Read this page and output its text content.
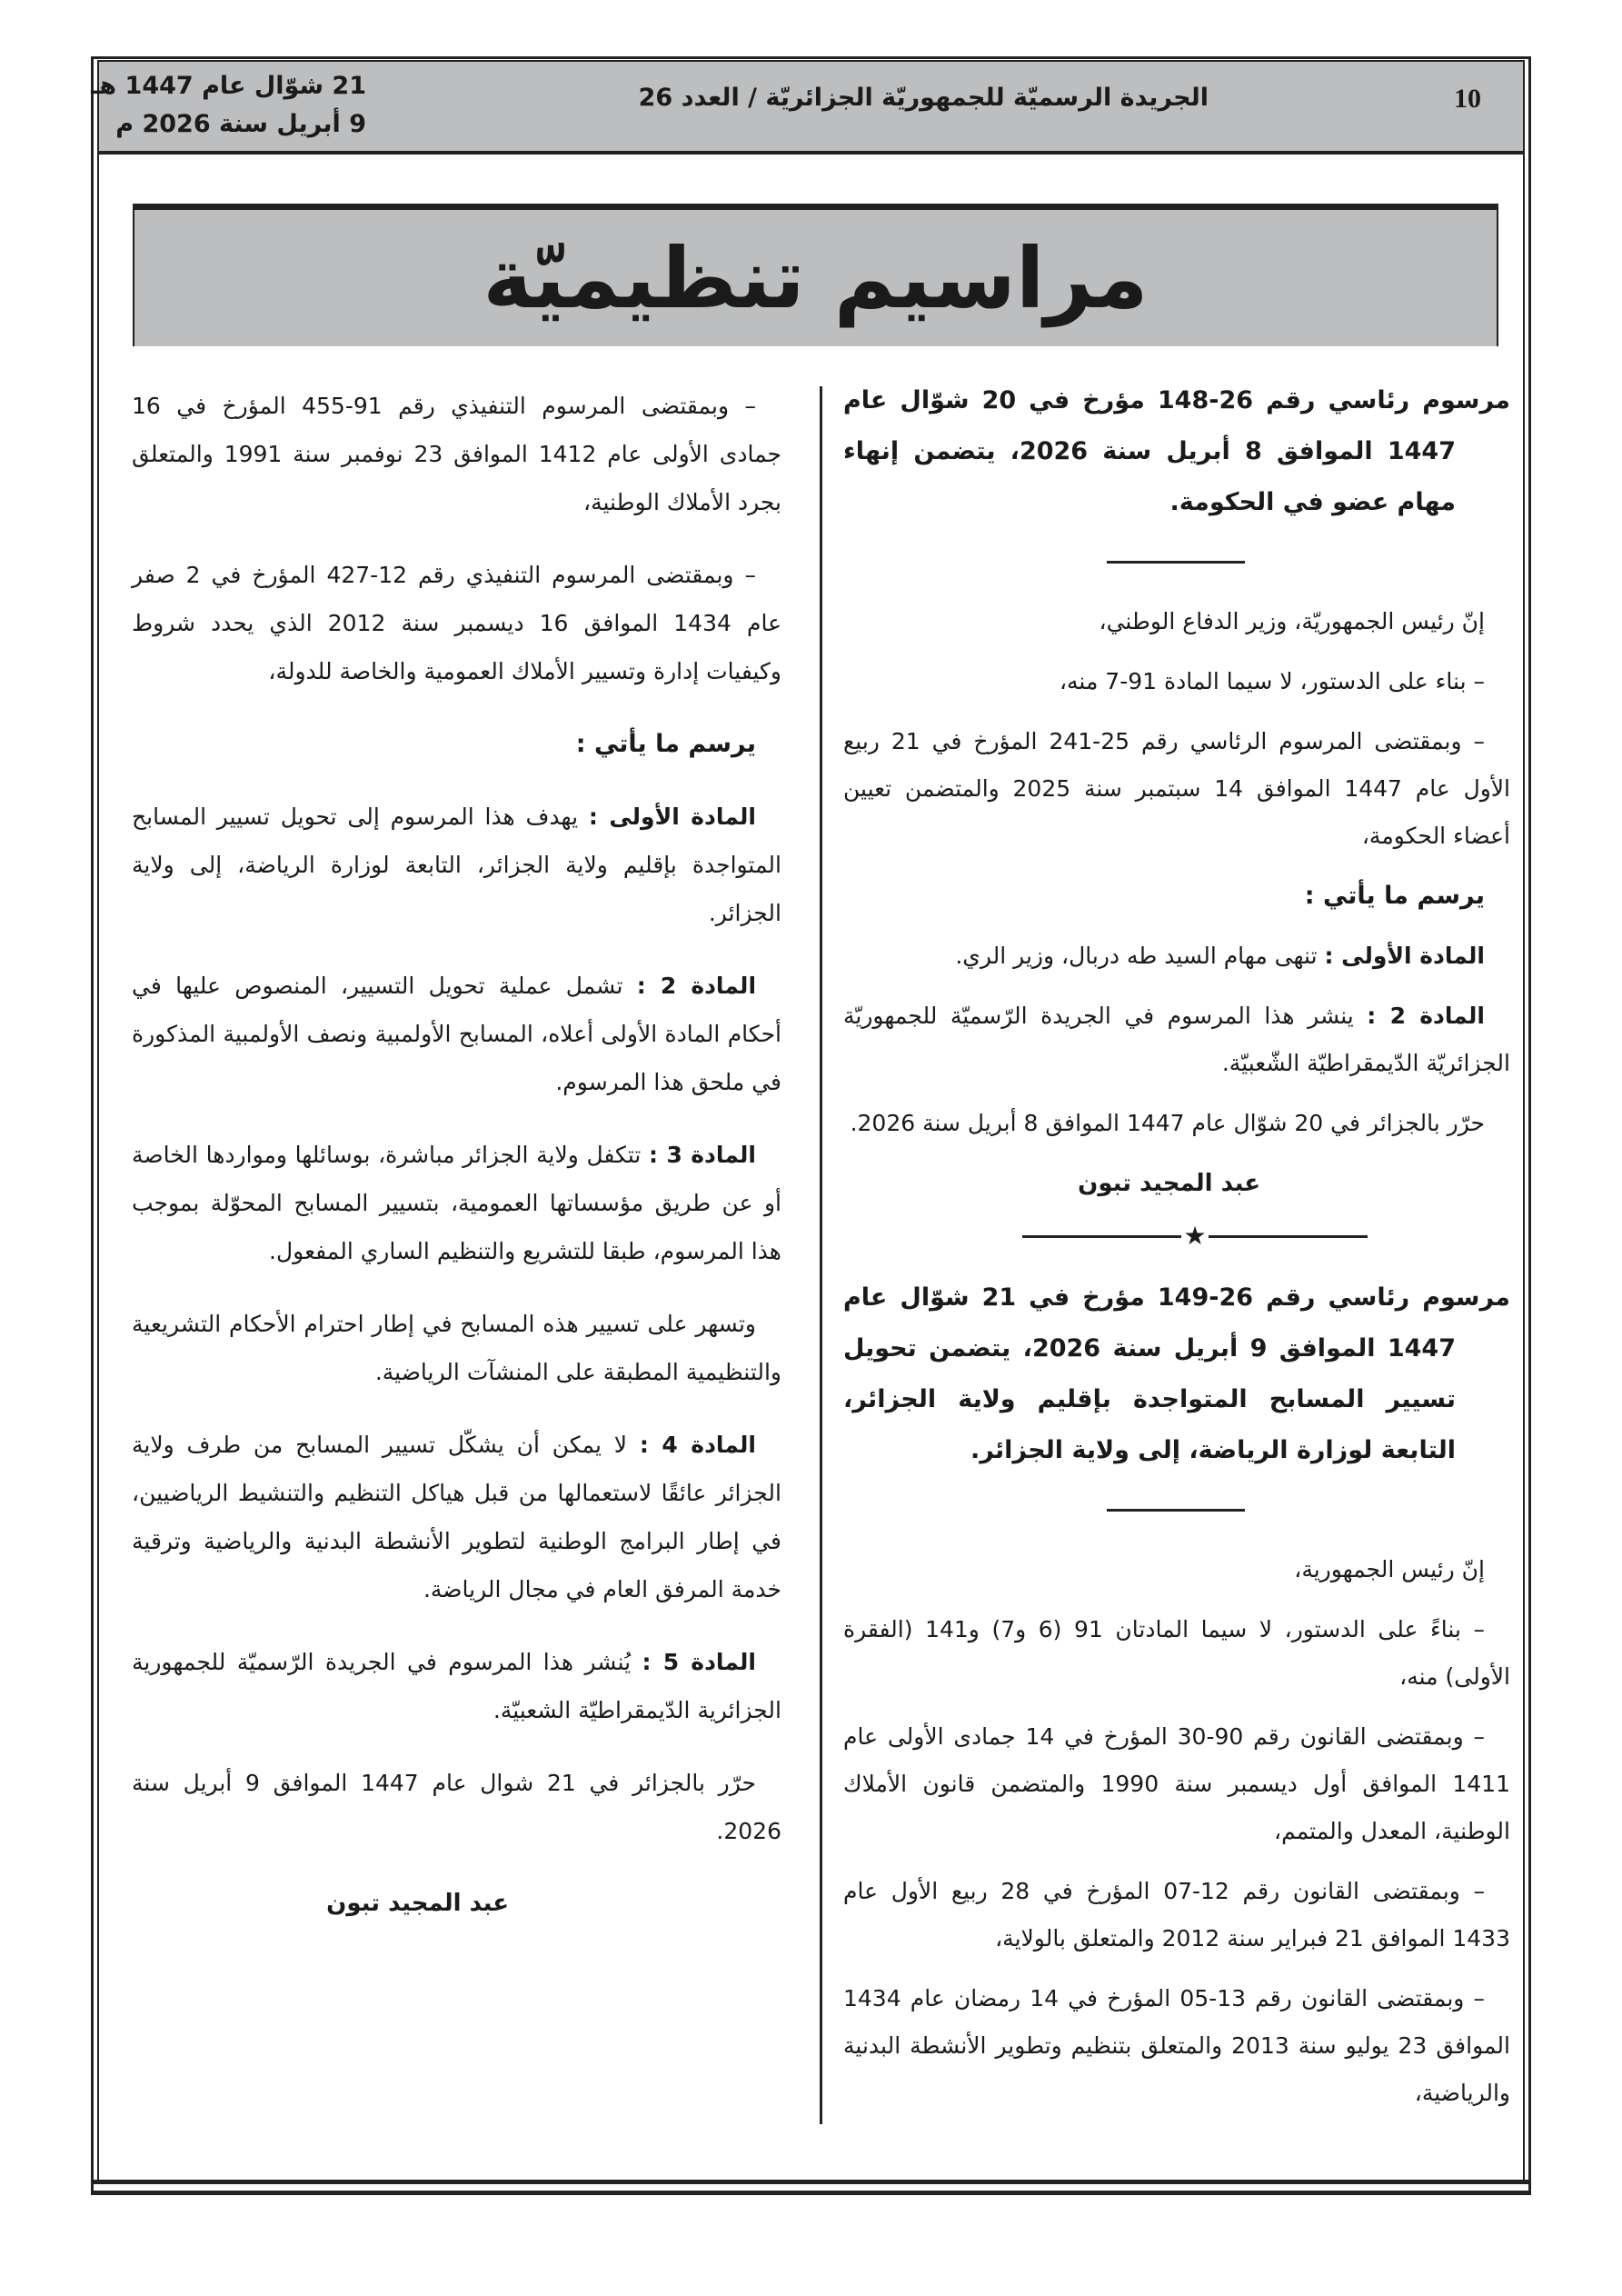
10
الجريدة الرسميّة للجمهوريّة الجزائريّة / العدد 26
21 شوّال عام 1447 هـ
9 أبريل سنة 2026 م
مراسيم تنظيميّة

مرسوم رئاسي رقم 26-148 مؤرخ في 20 شوّال عام 1447 الموافق 8 أبريل سنة 2026، يتضمن إنهاء مهام عضو في الحكومة.

إنّ رئيس الجمهوريّة، وزير الدفاع الوطني،

– بناء على الدستور، لا سيما المادة 91-7 منه،

– وبمقتضى المرسوم الرئاسي رقم 25-241 المؤرخ في 21 ربيع الأول عام 1447 الموافق 14 سبتمبر سنة 2025 والمتضمن تعيين أعضاء الحكومة،

يرسم ما يأتي :

المادة الأولى : تنهى مهام السيد طه دربال، وزير الري.

المادة 2 : ينشر هذا المرسوم في الجريدة الرّسميّة للجمهوريّة الجزائريّة الدّيمقراطيّة الشّعبيّة.

حرّر بالجزائر في 20 شوّال عام 1447 الموافق 8 أبريل سنة 2026.

عبد المجيد تبون
★

مرسوم رئاسي رقم 26-149 مؤرخ في 21 شوّال عام 1447 الموافق 9 أبريل سنة 2026، يتضمن تحويل تسيير المسابح المتواجدة بإقليم ولاية الجزائر، التابعة لوزارة الرياضة، إلى ولاية الجزائر.

إنّ رئيس الجمهورية،

– بناءً على الدستور، لا سيما المادتان 91 (6 و7) و141 (الفقرة الأولى) منه،

– وبمقتضى القانون رقم 90-30 المؤرخ في 14 جمادى الأولى عام 1411 الموافق أول ديسمبر سنة 1990 والمتضمن قانون الأملاك الوطنية، المعدل والمتمم،

– وبمقتضى القانون رقم 12-07 المؤرخ في 28 ربيع الأول عام 1433 الموافق 21 فبراير سنة 2012 والمتعلق بالولاية،

– وبمقتضى القانون رقم 13-05 المؤرخ في 14 رمضان عام 1434 الموافق 23 يوليو سنة 2013 والمتعلق بتنظيم وتطوير الأنشطة البدنية والرياضية،

– وبمقتضى المرسوم التنفيذي رقم 91-455 المؤرخ في 16 جمادى الأولى عام 1412 الموافق 23 نوفمبر سنة 1991 والمتعلق بجرد الأملاك الوطنية،

– وبمقتضى المرسوم التنفيذي رقم 12-427 المؤرخ في 2 صفر عام 1434 الموافق 16 ديسمبر سنة 2012 الذي يحدد شروط وكيفيات إدارة وتسيير الأملاك العمومية والخاصة للدولة،

يرسم ما يأتي :

المادة الأولى : يهدف هذا المرسوم إلى تحويل تسيير المسابح المتواجدة بإقليم ولاية الجزائر، التابعة لوزارة الرياضة، إلى ولاية الجزائر.

المادة 2 : تشمل عملية تحويل التسيير، المنصوص عليها في أحكام المادة الأولى أعلاه، المسابح الأولمبية ونصف الأولمبية المذكورة في ملحق هذا المرسوم.

المادة 3 : تتكفل ولاية الجزائر مباشرة، بوسائلها ومواردها الخاصة أو عن طريق مؤسساتها العمومية، بتسيير المسابح المحوّلة بموجب هذا المرسوم، طبقا للتشريع والتنظيم الساري المفعول.

وتسهر على تسيير هذه المسابح في إطار احترام الأحكام التشريعية والتنظيمية المطبقة على المنشآت الرياضية.

المادة 4 : لا يمكن أن يشكّل تسيير المسابح من طرف ولاية الجزائر عائقًا لاستعمالها من قبل هياكل التنظيم والتنشيط الرياضيين، في إطار البرامج الوطنية لتطوير الأنشطة البدنية والرياضية وترقية خدمة المرفق العام في مجال الرياضة.

المادة 5 : يُنشر هذا المرسوم في الجريدة الرّسميّة للجمهورية الجزائرية الدّيمقراطيّة الشعبيّة.

حرّر بالجزائر في 21 شوال عام 1447 الموافق 9 أبريل سنة 2026.

عبد المجيد تبون
